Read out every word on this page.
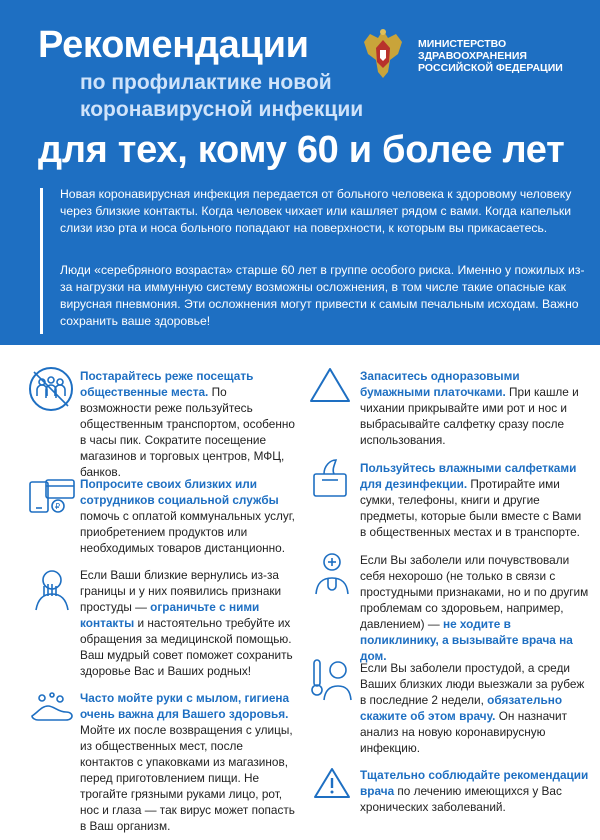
Рекомендации
по профилактике новой
коронавирусной инфекции
для тех, кому 60 и более лет
МИНИСТЕРСТВО
ЗДРАВООХРАНЕНИЯ
РОССИЙСКОЙ ФЕДЕРАЦИИ
Новая коронавирусная инфекция передается от больного человека к здоровому человеку через близкие контакты. Когда человек чихает или кашляет рядом с вами. Когда капельки слизи изо рта и носа больного попадают на поверхности, к которым вы прикасаетесь.
Люди «серебряного возраста» старше 60 лет в группе особого риска. Именно у пожилых из-за нагрузки на иммунную систему возможны осложнения, в том числе такие опасные как вирусная пневмония. Эти осложнения могут привести к самым печальным исходам. Важно сохранить ваше здоровье!
Постарайтесь реже посещать общественные места. По возможности реже пользуйтесь общественным транспортом, особенно в часы пик. Сократите посещение магазинов и торговых центров, МФЦ, банков.
₽
Попросите своих близких или сотрудников социальной службы помочь с оплатой коммунальных услуг, приобретением продуктов или необходимых товаров дистанционно.
Если Ваши близкие вернулись из-за границы и у них появились признаки простуды — ограничьте с ними контакты и настоятельно требуйте их обращения за медицинской помощью. Ваш мудрый совет поможет сохранить здоровье Вас и Ваших родных!
Часто мойте руки с мылом, гигиена очень важна для Вашего здоровья. Мойте их после возвращения с улицы, из общественных мест, после контактов с упаковками из магазинов, перед приготовлением пищи. Не трогайте грязными руками лицо, рот, нос и глаза — так вирус может попасть в Ваш организм.
Запаситесь одноразовыми бумажными платочками. При кашле и чихании прикрывайте ими рот и нос и выбрасывайте салфетку сразу после использования.
Пользуйтесь влажными салфетками для дезинфекции. Протирайте ими сумки, телефоны, книги и другие предметы, которые были вместе с Вами в общественных местах и в транспорте.
Если Вы заболели или почувствовали себя нехорошо (не только в связи с простудными признаками, но и по другим проблемам со здоровьем, например, давлением) — не ходите в поликлинику, а вызывайте врача на дом.
Если Вы заболели простудой, а среди Ваших близких люди выезжали за рубеж в последние 2 недели, обязательно скажите об этом врачу. Он назначит анализ на новую коронавирусную инфекцию.
Тщательно соблюдайте рекомендации врача по лечению имеющихся у Вас хронических заболеваний.
